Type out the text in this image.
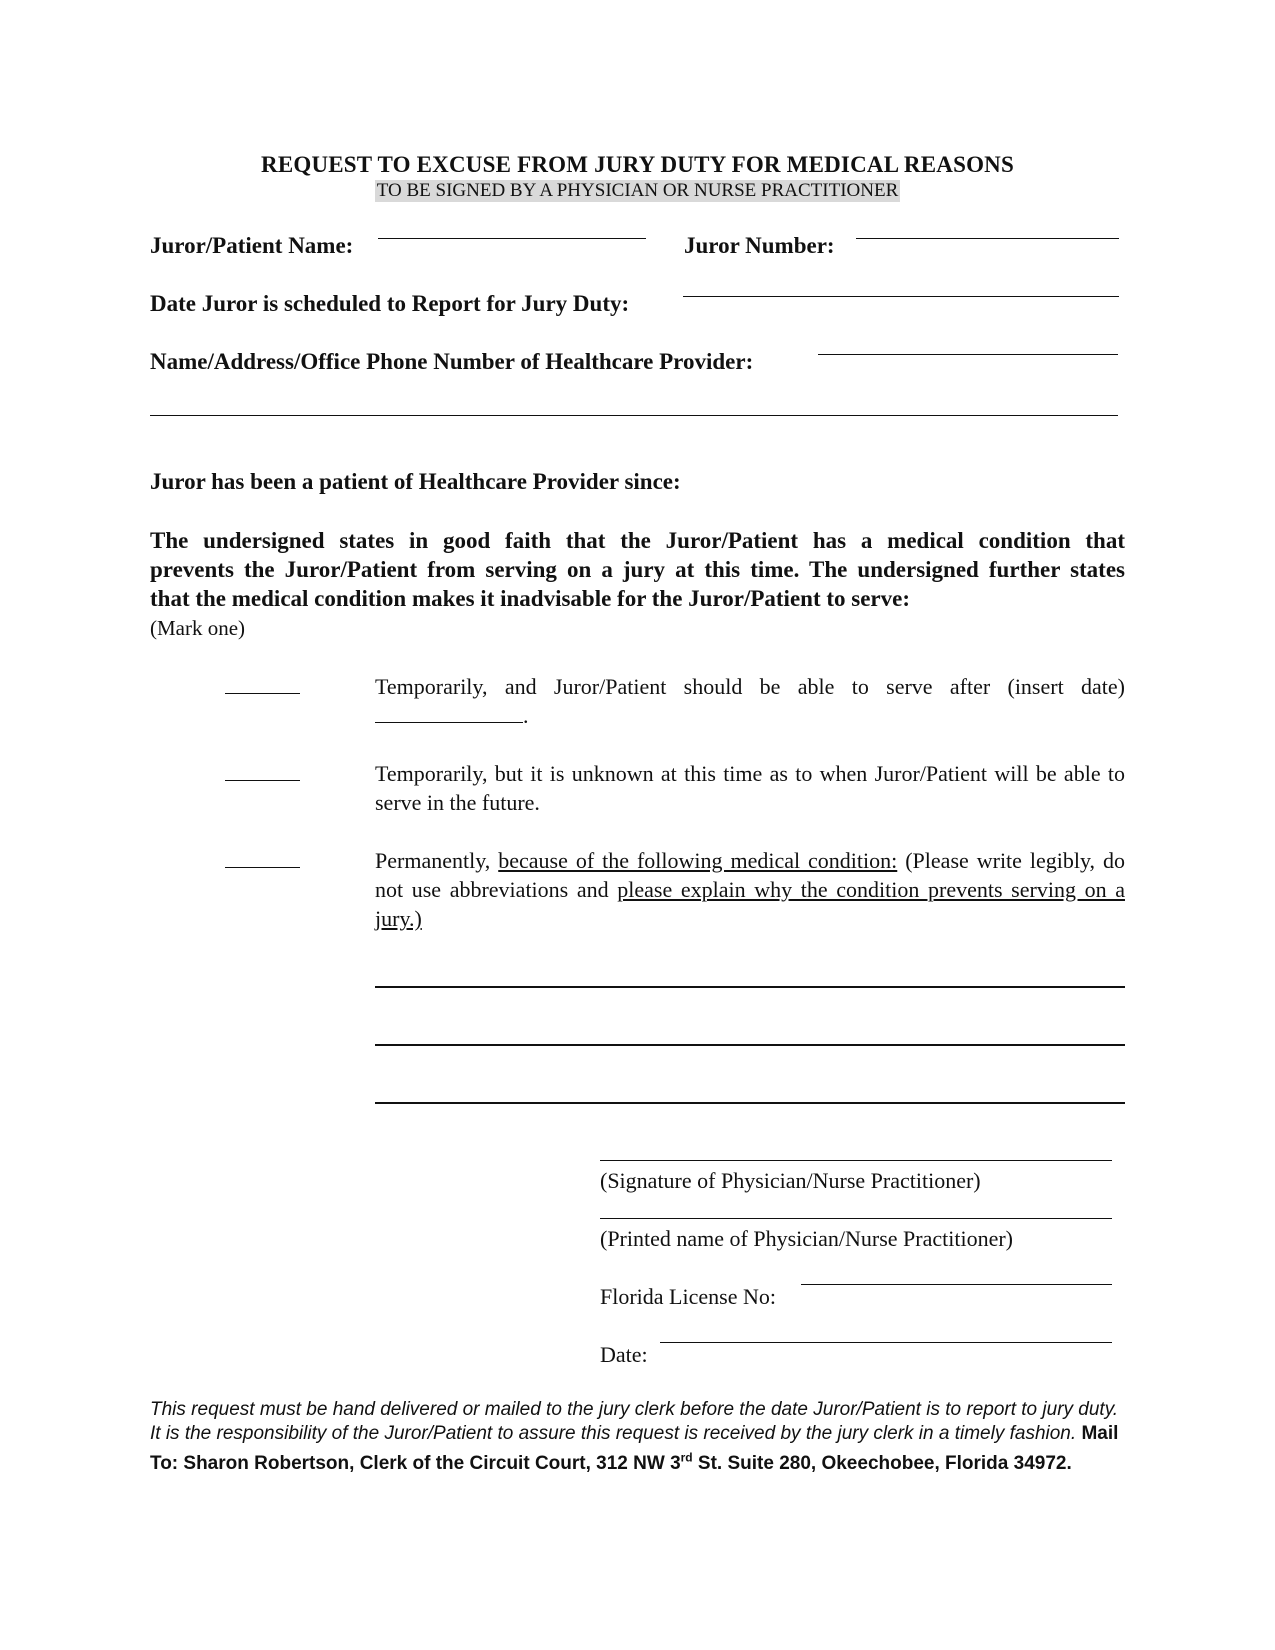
REQUEST TO EXCUSE FROM JURY DUTY FOR MEDICAL REASONS
TO BE SIGNED BY A PHYSICIAN OR NURSE PRACTITIONER
Juror/Patient Name:	Juror Number:
Date Juror is scheduled to Report for Jury Duty:
Name/Address/Office Phone Number of Healthcare Provider:
Juror has been a patient of Healthcare Provider since:
The undersigned states in good faith that the Juror/Patient has a medical condition that
prevents the Juror/Patient from serving on a jury at this time. The undersigned further states
that the medical condition makes it inadvisable for the Juror/Patient to serve:
(Mark one)
Temporarily, and Juror/Patient should be able to serve after (insert date)
.
Temporarily, but it is unknown at this time as to when Juror/Patient will be able to serve in the future.
Permanently, because of the following medical condition: (Please write legibly, do not use abbreviations and please explain why the condition prevents serving on a jury.)
(Signature of Physician/Nurse Practitioner)
(Printed name of Physician/Nurse Practitioner)
Florida License No:
Date:
This request must be hand delivered or mailed to the jury clerk before the date Juror/Patient is to report to jury duty. It is the responsibility of the Juror/Patient to assure this request is received by the jury clerk in a timely fashion. Mail To: Sharon Robertson, Clerk of the Circuit Court, 312 NW 3rd St. Suite 280, Okeechobee, Florida 34972.
